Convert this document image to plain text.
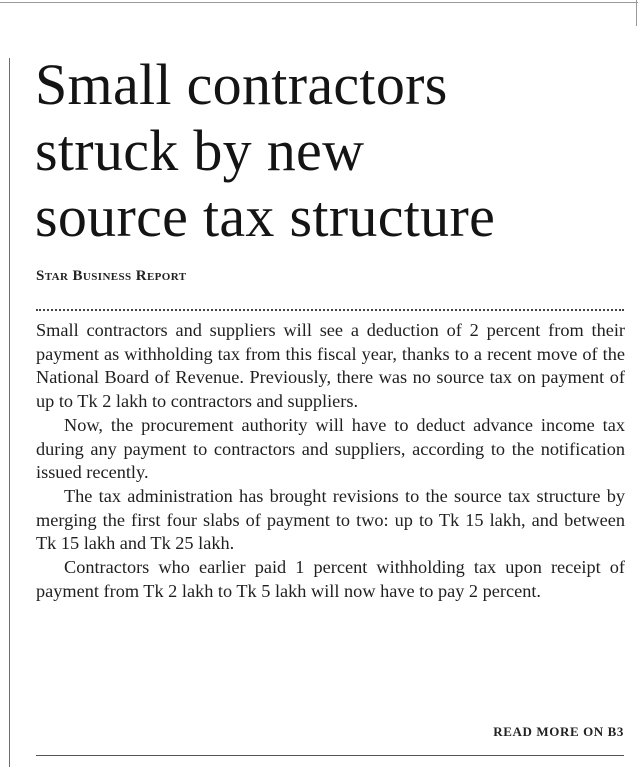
Small contractors
struck by new
source tax structure
Star Business Report

Small contractors and suppliers will see a deduction of 2 percent from their payment as withholding tax from this fiscal year, thanks to a recent move of the National Board of Revenue. Previously, there was no source tax on payment of up to Tk 2 lakh to contractors and suppliers.

Now, the procurement authority will have to deduct advance income tax during any payment to contractors and suppliers, according to the notification issued recently.

The tax administration has brought revisions to the source tax structure by merging the first four slabs of payment to two: up to Tk 15 lakh, and between Tk 15 lakh and Tk 25 lakh.

Contractors who earlier paid 1 percent withholding tax upon receipt of payment from Tk 2 lakh to Tk 5 lakh will now have to pay 2 percent.

READ MORE ON B3
